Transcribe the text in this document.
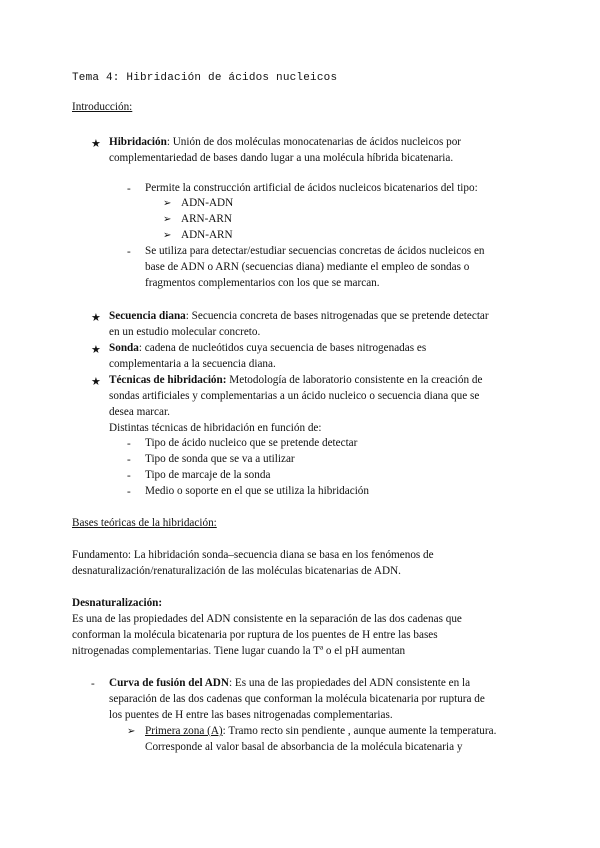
Tema 4: Hibridación de ácidos nucleicos
Introducción:
★ Hibridación: Unión de dos moléculas monocatenarias de ácidos nucleicos por
complementariedad de bases dando lugar a una molécula híbrida bicatenaria.
- Permite la construcción artificial de ácidos nucleicos bicatenarios del tipo:
➢ ADN-ADN
➢ ARN-ARN
➢ ADN-ARN
- Se utiliza para detectar/estudiar secuencias concretas de ácidos nucleicos en
base de ADN o ARN (secuencias diana) mediante el empleo de sondas o
fragmentos complementarios con los que se marcan.
★ Secuencia diana: Secuencia concreta de bases nitrogenadas que se pretende detectar
en un estudio molecular concreto.
★ Sonda: cadena de nucleótidos cuya secuencia de bases nitrogenadas es
complementaria a la secuencia diana.
★ Técnicas de hibridación: Metodología de laboratorio consistente en la creación de
sondas artificiales y complementarias a un ácido nucleico o secuencia diana que se
desea marcar.
Distintas técnicas de hibridación en función de:
- Tipo de ácido nucleico que se pretende detectar
- Tipo de sonda que se va a utilizar
- Tipo de marcaje de la sonda
- Medio o soporte en el que se utiliza la hibridación
Bases teóricas de la hibridación:
Fundamento: La hibridación sonda–secuencia diana se basa en los fenómenos de
desnaturalización/renaturalización de las moléculas bicatenarias de ADN.
Desnaturalización:
Es una de las propiedades del ADN consistente en la separación de las dos cadenas que
conforman la molécula bicatenaria por ruptura de los puentes de H entre las bases
nitrogenadas complementarias. Tiene lugar cuando la Tª o el pH aumentan
- Curva de fusión del ADN: Es una de las propiedades del ADN consistente en la
separación de las dos cadenas que conforman la molécula bicatenaria por ruptura de
los puentes de H entre las bases nitrogenadas complementarias.
➢ Primera zona (A): Tramo recto sin pendiente , aunque aumente la temperatura.
Corresponde al valor basal de absorbancia de la molécula bicatenaria y
